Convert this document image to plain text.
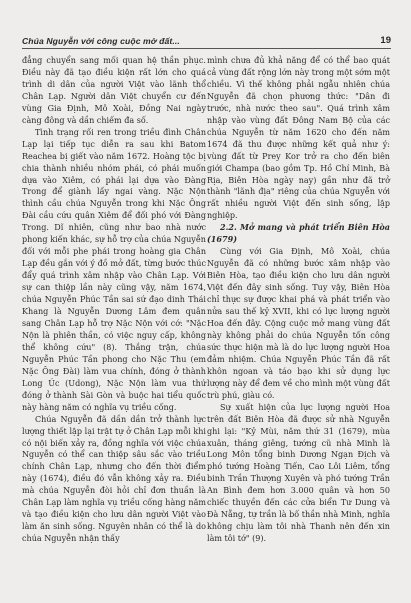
Chúa Nguyễn với công cuộc mở đất...	19

đẳng chuyển sang mối quan hệ thần phục. Điều này đã tạo điều kiện rất lớn cho quá trình di dân của người Việt vào lãnh thổ Chân Lạp. Người dân Việt chuyển cư đến vùng Gia Định, Mô Xoài, Đồng Nai ngày càng đông và dần chiếm đa số.

Tình trạng rối ren trong triều đình Chân Lạp lại tiếp tục diễn ra sau khi Batom Reachea bị giết vào năm 1672. Hoàng tộc bị chia thành nhiều nhóm phái, có phái muốn dựa vào Xiêm, có phái lại dựa vào Đàng Trong để giành lấy ngai vàng. Nặc Nộn thình cầu chúa Nguyễn trong khi Nặc Ông Đài cầu cứu quân Xiêm để đối phó với Đàng Trong. Dĩ nhiên, cũng như bao nhà nước phong kiến khác, sự hỗ trợ của chúa Nguyễn đối với mỗi phe phái trong hoàng gia Chân Lạp đều gắn với ý đồ mở đất, từng bước thúc đẩy quá trình xâm nhập vào Chân Lạp. Với sự can thiệp lần này cũng vậy, năm 1674, chúa Nguyễn Phúc Tần sai sứ đạo dinh Thái Khang là Nguyễn Dương Lâm đem quân sang Chân Lạp hỗ trợ Nặc Nộn với cớ: "Nặc Nộn là phiên thần, có việc nguy cấp, không thể không cứu" (8). Thắng trận, chúa Nguyễn Phúc Tần phong cho Nặc Thu (em Nặc Ông Đài) làm vua chính, đóng ở thành Long Úc (Udong), Nặc Nộn làm vua thứ đóng ở thành Sài Gòn và buộc hai tiểu quốc này hàng năm có nghĩa vụ triều cống.

Chúa Nguyễn đã dần dần trở thành lực lượng thiết lập lại trật tự ở Chân Lạp mỗi khi có nội biến xảy ra, đồng nghĩa với việc chúa Nguyễn có thể can thiệp sâu sắc vào triều chính Chân Lạp, nhưng cho đến thời điểm này (1674), điều đó vẫn không xảy ra. Điều mà chúa Nguyễn đòi hỏi chỉ đơn thuần là Chân Lạp làm nghĩa vụ triều cống hàng năm và tạo điều kiện cho lưu dân người Việt vào làm ăn sinh sống. Nguyên nhân có thể là do chúa Nguyễn nhận thấy

mình chưa đủ khả năng để có thể bao quát cả vùng đất rộng lớn này trong một sớm một chiều. Vì thế không phải ngẫu nhiên chúa Nguyễn đã chọn phương thức: "Dân đi trước, nhà nước theo sau". Quá trình xâm nhập vào vùng đất Đông Nam Bộ của các chúa Nguyễn từ năm 1620 cho đến năm 1674 đã thu được những kết quả như ý: vùng đất từ Prey Kor trở ra cho đến biên giới Champa (bao gồm Tp. Hồ Chí Minh, Bà Rịa, Biên Hòa ngày nay) gần như đã trở thành "lãnh địa" riêng của chúa Nguyễn với rất nhiều người Việt đến sinh sống, lập nghiệp.

2.2. Mở mang và phát triển Biên Hòa (1679)

Cùng với Gia Định, Mô Xoài, chúa Nguyễn đã có những bước xâm nhập vào Biên Hòa, tạo điều kiện cho lưu dân người Việt đến đây sinh sống. Tuy vậy, Biên Hòa chỉ thực sự được khai phá và phát triển vào nửa sau thế kỷ XVII, khi có lực lượng người Hoa đến đây. Cộng cuộc mở mang vùng đất này không phải do chúa Nguyễn tốn công sức thực hiện mà là do lực lượng người Hoa đảm nhiệm. Chúa Nguyễn Phúc Tần đã rất khôn ngoan và táo bạo khi sử dụng lực lượng này để đem về cho mình một vùng đất trù phú, giàu có.

Sự xuất hiện của lực lượng người Hoa trên đất Biên Hòa đã được sử nhà Nguyễn ghi lại: "Kỷ Mùi, năm thứ 31 (1679), mùa xuân, tháng giêng, tướng cũ nhà Minh là Long Môn tổng binh Dương Ngạn Địch và phó tướng Hoàng Tiến, Cao Lôi Liêm, tổng binh Trần Thượng Xuyên và phó tướng Trần An Bình đem hơn 3.000 quân và hơn 50 chiếc thuyền đến các cửa biển Tư Dung và Đà Nẵng, tự trần là bố thần nhà Minh, nghĩa không chịu làm tôi nhà Thanh nên đến xin làm tôi tớ" (9).
